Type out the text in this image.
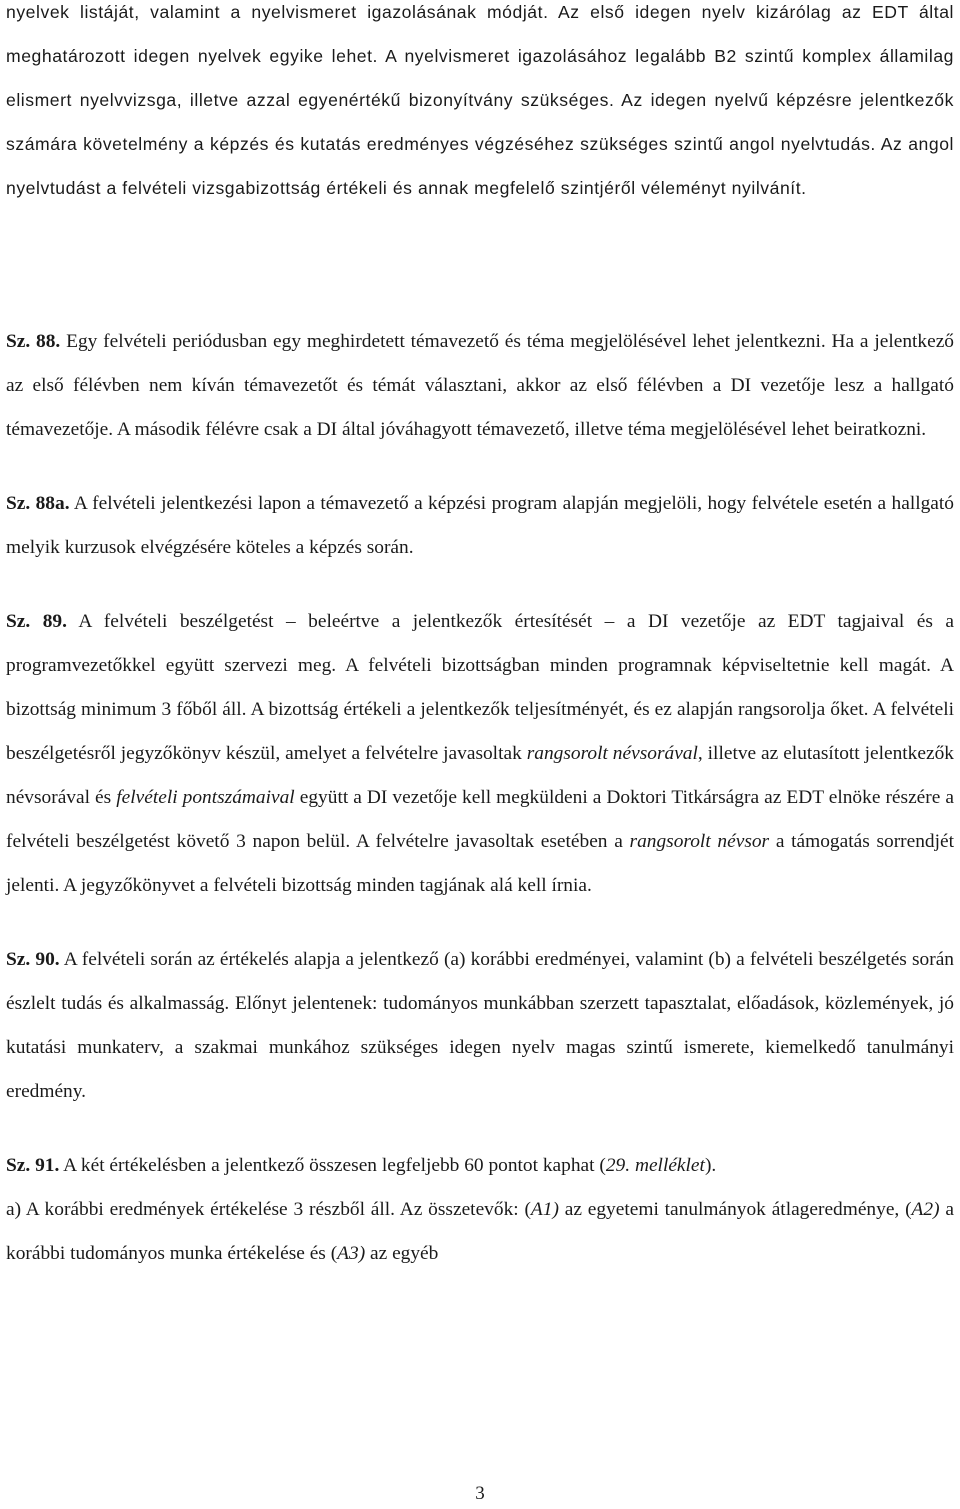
nyelvek listáját, valamint a nyelvismeret igazolásának módját. Az első idegen nyelv kizárólag az EDT által meghatározott idegen nyelvek egyike lehet. A nyelvismeret igazolásához legalább B2 szintű komplex államilag elismert nyelvvizsga, illetve azzal egyenértékű bizonyítvány szükséges. Az idegen nyelvű képzésre jelentkezők számára követelmény a képzés és kutatás eredményes végzéséhez szükséges szintű angol nyelvtudás. Az angol nyelvtudást a felvételi vizsgabizottság értékeli és annak megfelelő szintjéről véleményt nyilvánít.

Sz. 88. Egy felvételi periódusban egy meghirdetett témavezető és téma megjelölésével lehet jelentkezni. Ha a jelentkező az első félévben nem kíván témavezetőt és témát választani, akkor az első félévben a DI vezetője lesz a hallgató témavezetője. A második félévre csak a DI által jóváhagyott témavezető, illetve téma megjelölésével lehet beiratkozni.

Sz. 88a. A felvételi jelentkezési lapon a témavezető a képzési program alapján megjelöli, hogy felvétele esetén a hallgató melyik kurzusok elvégzésére köteles a képzés során.

Sz. 89. A felvételi beszélgetést – beleértve a jelentkezők értesítését – a DI vezetője az EDT tagjaival és a programvezetőkkel együtt szervezi meg. A felvételi bizottságban minden programnak képviseltetnie kell magát. A bizottság minimum 3 főből áll. A bizottság értékeli a jelentkezők teljesítményét, és ez alapján rangsorolja őket. A felvételi beszélgetésről jegyzőkönyv készül, amelyet a felvételre javasoltak rangsorolt névsorával, illetve az elutasított jelentkezők névsorával és felvételi pontszámaival együtt a DI vezetője kell megküldeni a Doktori Titkárságra az EDT elnöke részére a felvételi beszélgetést követő 3 napon belül. A felvételre javasoltak esetében a rangsorolt névsor a támogatás sorrendjét jelenti. A jegyzőkönyvet a felvételi bizottság minden tagjának alá kell írnia.

Sz. 90. A felvételi során az értékelés alapja a jelentkező (a) korábbi eredményei, valamint (b) a felvételi beszélgetés során észlelt tudás és alkalmasság. Előnyt jelentenek: tudományos munkábban szerzett tapasztalat, előadások, közlemények, jó kutatási munkaterv, a szakmai munkához szükséges idegen nyelv magas szintű ismerete, kiemelkedő tanulmányi eredmény.

Sz. 91. A két értékelésben a jelentkező összesen legfeljebb 60 pontot kaphat (29. melléklet).

a) A korábbi eredmények értékelése 3 részből áll. Az összetevők: (A1) az egyetemi tanulmányok átlageredménye, (A2) a korábbi tudományos munka értékelése és (A3) az egyéb

3
